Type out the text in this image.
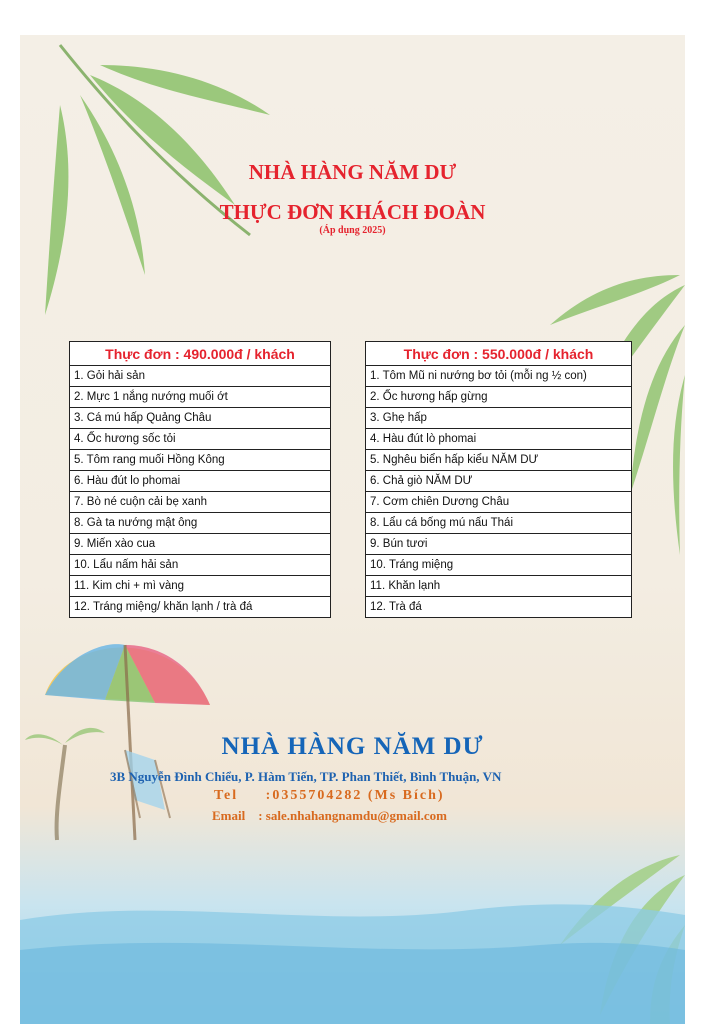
NHÀ HÀNG NĂM DƯ
THỰC ĐƠN KHÁCH ĐOÀN
(Áp dụng 2025)
Thực đơn : 490.000đ / khách
1. Gỏi hải sản
2. Mực 1 nắng nướng muối ớt
3. Cá mú hấp Quảng Châu
4. Ốc hương sốc tỏi
5. Tôm rang muối Hồng Kông
6. Hàu đút lo phomai
7. Bò né cuộn cải bẹ xanh
8. Gà ta nướng mật ông
9. Miến xào cua
10. Lẩu nấm hải sản
11. Kim chi + mì vàng
12. Tráng miệng/ khăn lạnh / trà đá
Thực đơn : 550.000đ / khách
1. Tôm Mũ ni nướng bơ tỏi (mỗi ng ½ con)
2. Ốc hương hấp gừng
3. Ghẹ hấp
4. Hàu đút lò phomai
5. Nghêu biển hấp kiểu NĂM DƯ
6. Chả giò NĂM DƯ
7. Cơm chiên Dương Châu
8. Lẩu cá bống mú nấu Thái
9. Bún tươi
10. Tráng miệng
11. Khăn lạnh
12. Trà đá
NHÀ HÀNG NĂM DƯ
3B Nguyễn Đình Chiểu, P. Hàm Tiến, TP. Phan Thiết, Bình Thuận, VN
Tel     :0355704282 (Ms Bích)
Email    : sale.nhahangnamdu@gmail.com
